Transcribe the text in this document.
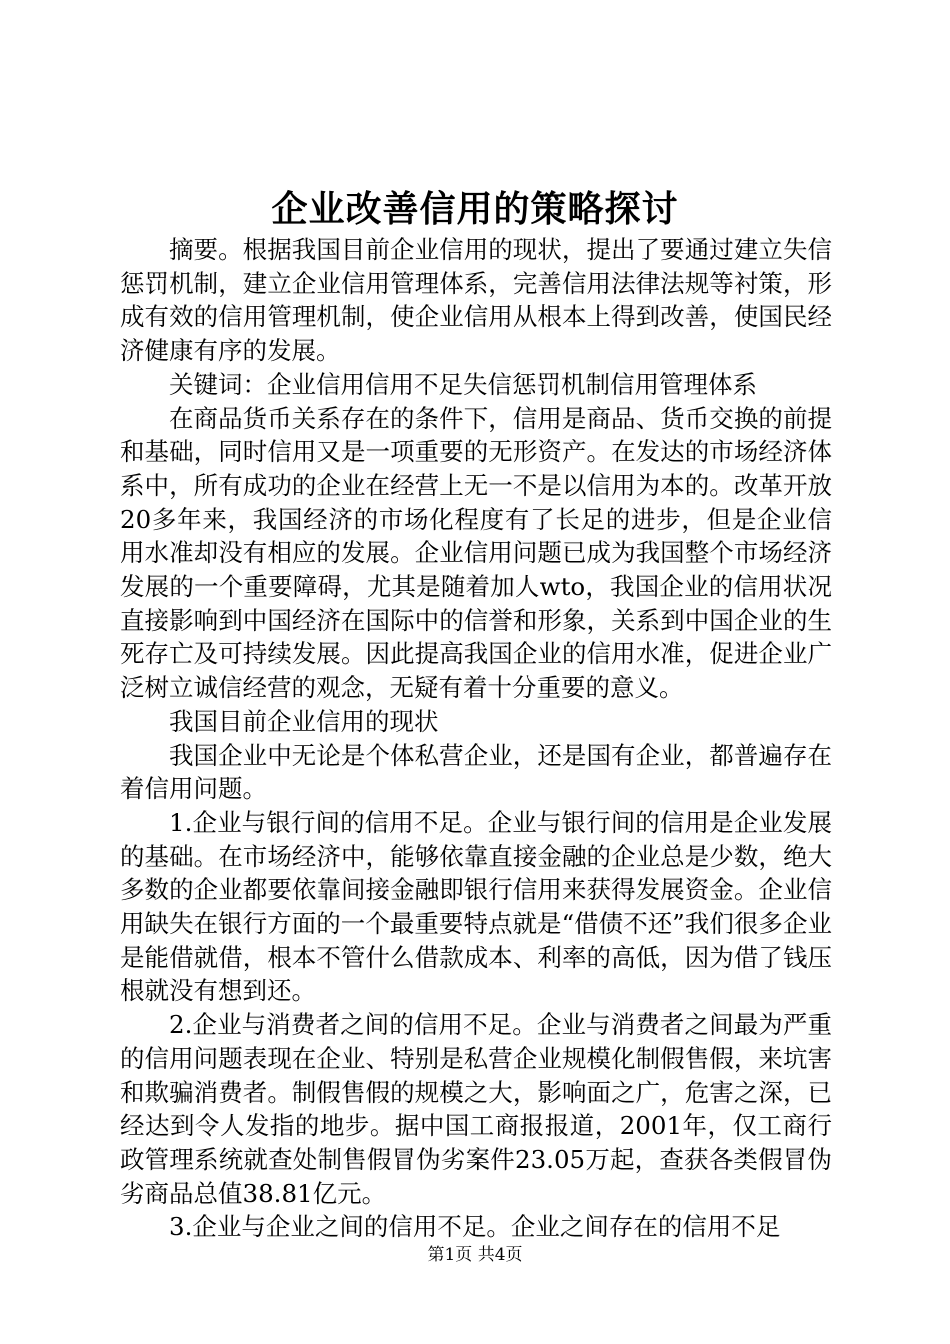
企业改善信用的策略探讨

摘要。根据我国目前企业信用的现状，提出了要通过建立失信惩罚机制，建立企业信用管理体系，完善信用法律法规等衬策，形成有效的信用管理机制，使企业信用从根本上得到改善，使国民经济健康有序的发展。

关键词：企业信用信用不足失信惩罚机制信用管理体系

在商品货币关系存在的条件下，信用是商品、货币交换的前提和基础，同时信用又是一项重要的无形资产。在发达的市场经济体系中，所有成功的企业在经营上无一不是以信用为本的。改革开放20多年来，我国经济的市场化程度有了长足的进步，但是企业信用水准却没有相应的发展。企业信用问题已成为我国整个市场经济发展的一个重要障碍，尤其是随着加人wto，我国企业的信用状况直接影响到中国经济在国际中的信誉和形象，关系到中国企业的生死存亡及可持续发展。因此提高我国企业的信用水准，促进企业广泛树立诚信经营的观念，无疑有着十分重要的意义。

我国目前企业信用的现状

我国企业中无论是个体私营企业，还是国有企业，都普遍存在着信用问题。

1.企业与银行间的信用不足。企业与银行间的信用是企业发展的基础。在市场经济中，能够依靠直接金融的企业总是少数，绝大多数的企业都要依靠间接金融即银行信用来获得发展资金。企业信用缺失在银行方面的一个最重要特点就是“借债不还”我们很多企业是能借就借，根本不管什么借款成本、利率的高低，因为借了钱压根就没有想到还。

2.企业与消费者之间的信用不足。企业与消费者之间最为严重的信用问题表现在企业、特别是私营企业规模化制假售假，来坑害和欺骗消费者。制假售假的规模之大，影响面之广，危害之深，已经达到令人发指的地步。据中国工商报报道，2001年，仅工商行政管理系统就查处制售假冒伪劣案件23.05万起，查获各类假冒伪劣商品总值38.81亿元。

3.企业与企业之间的信用不足。企业之间存在的信用不足

第1页 共4页
